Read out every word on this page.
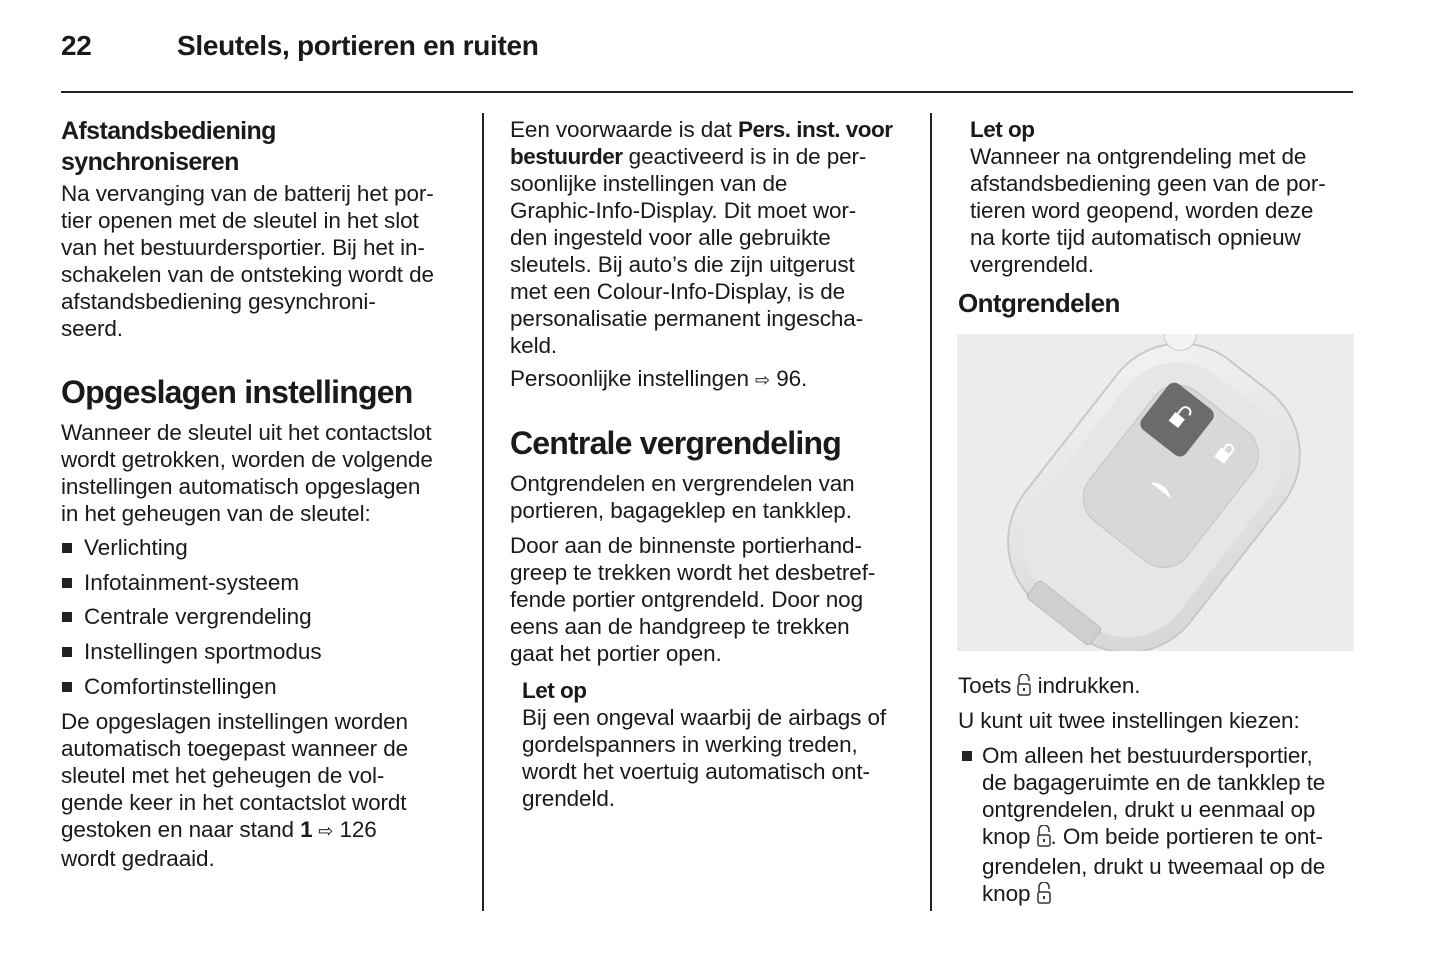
22	Sleutels, portieren en ruiten
Afstandsbediening
synchroniseren
Na vervanging van de batterij het por-
tier openen met de sleutel in het slot
van het bestuurdersportier. Bij het in-
schakelen van de ontsteking wordt de
afstandsbediening gesynchroni-
seerd.
Opgeslagen instellingen
Wanneer de sleutel uit het contactslot
wordt getrokken, worden de volgende
instellingen automatisch opgeslagen
in het geheugen van de sleutel:
Verlichting
Infotainment-systeem
Centrale vergrendeling
Instellingen sportmodus
Comfortinstellingen
De opgeslagen instellingen worden
automatisch toegepast wanneer de
sleutel met het geheugen de vol-
gende keer in het contactslot wordt
gestoken en naar stand 1 ⇨ 126
wordt gedraaid.
Een voorwaarde is dat Pers. inst. voor
bestuurder geactiveerd is in de per-
soonlijke instellingen van de
Graphic-Info-Display. Dit moet wor-
den ingesteld voor alle gebruikte
sleutels. Bij auto’s die zijn uitgerust
met een Colour-Info-Display, is de
personalisatie permanent ingescha-
keld.
Persoonlijke instellingen ⇨ 96.
Centrale vergrendeling
Ontgrendelen en vergrendelen van
portieren, bagageklep en tankklep.
Door aan de binnenste portierhand-
greep te trekken wordt het desbetref-
fende portier ontgrendeld. Door nog
eens aan de handgreep te trekken
gaat het portier open.
Let op
Bij een ongeval waarbij de airbags of
gordelspanners in werking treden,
wordt het voertuig automatisch ont-
grendeld.
Let op
Wanneer na ontgrendeling met de
afstandsbediening geen van de por-
tieren word geopend, worden deze
na korte tijd automatisch opnieuw
vergrendeld.
Ontgrendelen
Toets  indrukken.
U kunt uit twee instellingen kiezen:
Om alleen het bestuurdersportier,
de bagageruimte en de tankklep te
ontgrendelen, drukt u eenmaal op
knop . Om beide portieren te ont-
grendelen, drukt u tweemaal op de
knop
